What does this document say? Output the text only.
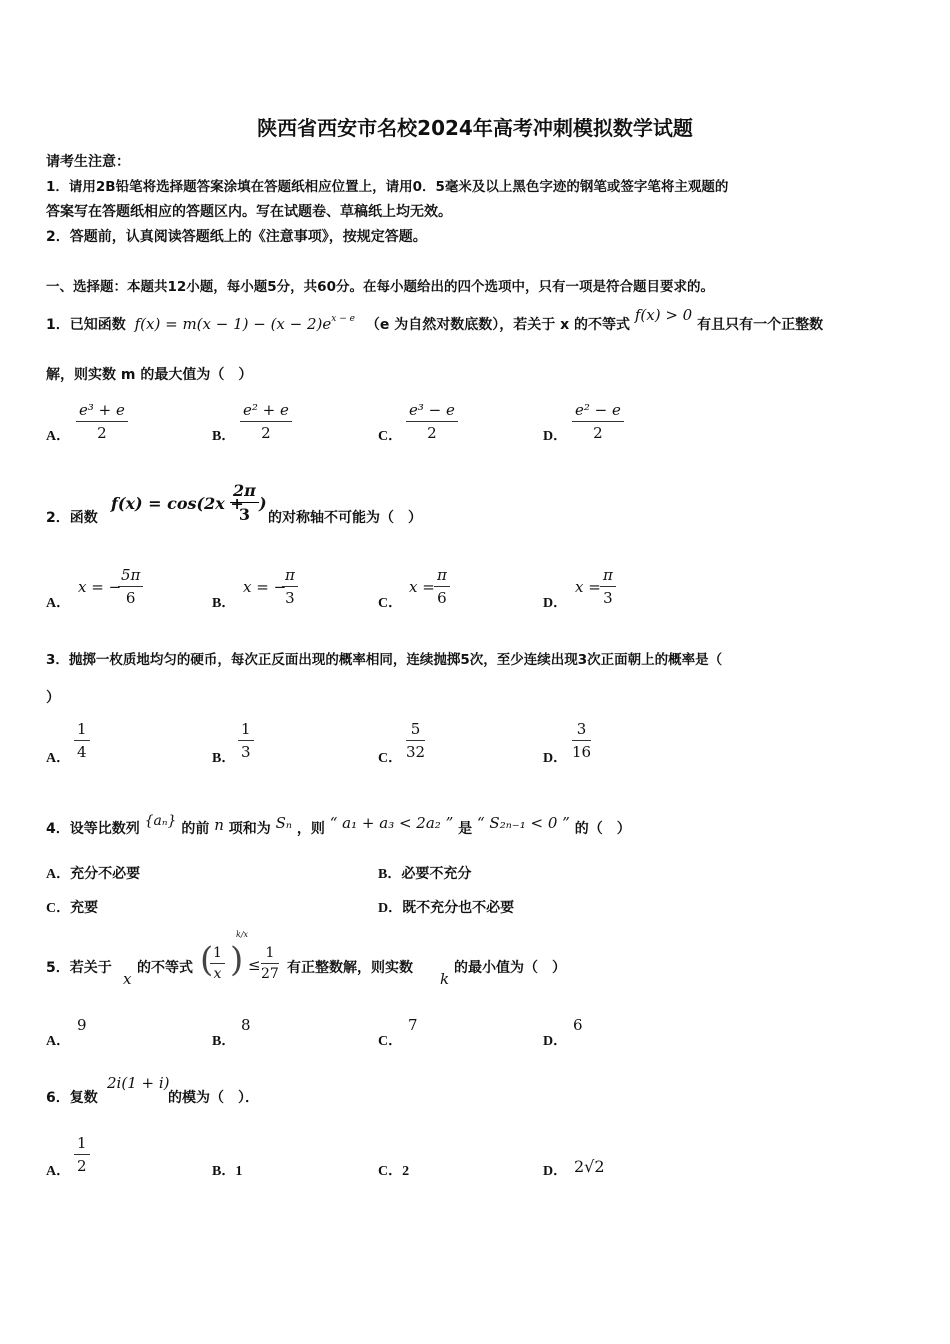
陕西省西安市名校2024年高考冲刺模拟数学试题
请考生注意：
1．请用2B铅笔将选择题答案涂填在答题纸相应位置上，请用0．5毫米及以上黑色字迹的钢笔或签字笔将主观题的
答案写在答题纸相应的答题区内。写在试题卷、草稿纸上均无效。
2．答题前，认真阅读答题纸上的《注意事项》，按规定答题。
一、选择题：本题共12小题，每小题5分，共60分。在每小题给出的四个选项中，只有一项是符合题目要求的。
1．已知函数 $f(x) = m(x - 1) - (x - 2)e^{x - e}$ （e 为自然对数底数），若关于 x 的不等式 f(x) > 0 有且只有一个正整数
解，则实数 m 的最大值为（　）
A．
e³ + e
2	B．
e² + e
2	C．
e³ − e
2	D．
e² − e
2
2．函数
f(x) = cos(2x +
2π
3
)
的对称轴不可能为（　）
A．
x = −
5π
6	B．
x = −
π
3	C．
x =
π
6	D．
x =
π
3
3．抛掷一枚质地均匀的硬币，每次正反面出现的概率相同，连续抛掷5次，至少连续出现3次正面朝上的概率是（
）
A．
1
4	B．
1
3	C．
5
32	D．
3
16
4．设等比数列 {aₙ} 的前 n 项和为 Sₙ ，则 “ a₁ + a₃ < 2a₂ ” 是 “ S₂ₙ₋₁ < 0 ” 的（　）
A．充分不必要	B．必要不充分
C．充要	D．既不充分也不必要
5．若关于
x
的不等式 ( 1
x )
k/x
≤
1
27 有正整数解，则实数
k
的最小值为（　）
A．
9
B．
8
C．
7
D．
6
6．复数
2i(1 + i)
的模为（　）．
A．
1
2	B．1	C．2	D． 2√2
